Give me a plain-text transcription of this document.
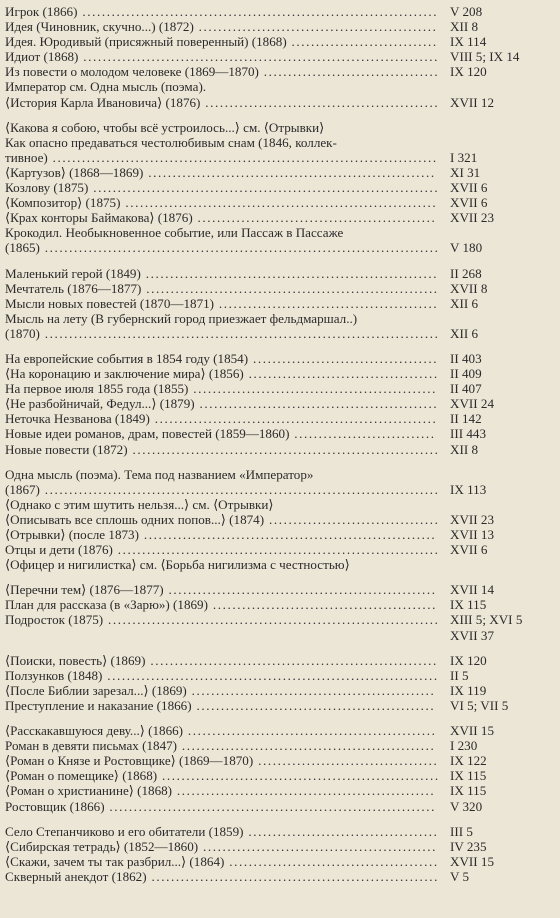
Игрок (1866) ......................................................................... V 208
Идея (Чиновник, скучно...) (1872) ................................................. XII 8
Идея. Юродивый (присяжный поверенный) (1868) .............................. IX 114
Идиот (1868) ......................................................................... VIII 5; IX 14
Из повести о молодом человеке (1869—1870) .................................... IX 120
Император см. Одна мысль (поэма).
⟨История Карла Ивановича⟩ (1876) ................................................ XVII 12
⟨Какова я собою, чтобы всё устроилось...⟩ см. ⟨Отрывки⟩
Как опасно предаваться честолюбивым снам (1846, коллек-
тивное) ............................................................................... I 321
⟨Картузов⟩ (1868—1869) ........................................................... XI 31
Козлову (1875) ....................................................................... XVII 6
⟨Композитор⟩ (1875) ................................................................ XVII 6
⟨Крах конторы Баймакова⟩ (1876) ................................................. XVII 23
Крокодил. Необыкновенное событие, или Пассаж в Пассаже
(1865) ................................................................................. V 180
Маленький герой (1849) ............................................................ II 268
Мечтатель (1876—1877) ............................................................ XVII 8
Мысли новых повестей (1870—1871) ............................................. XII 6
Мысль на лету (В губернский город приезжает фельдмаршал..)
(1870) ................................................................................. XII 6
На европейские события в 1854 году (1854) ...................................... II 403
⟨На коронацию и заключение мира⟩ (1856) ....................................... II 409
На первое июля 1855 года (1855) .................................................. II 407
⟨Не разбойничай, Федул...⟩ (1879) ................................................. XVII 24
Неточка Незванова (1849) .......................................................... II 142
Новые идеи романов, драм, повестей (1859—1860) ............................. III 443
Новые повести (1872) ............................................................... XII 8
Одна мысль (поэма). Тема под названием «Император»
(1867) ................................................................................. IX 113
⟨Однако с этим шутить нельзя...⟩ см. ⟨Отрывки⟩
⟨Описывать все сплошь одних попов...⟩ (1874) ................................... XVII 23
⟨Отрывки⟩ (после 1873) ............................................................ XVII 13
Отцы и дети (1876) .................................................................. XVII 6
⟨Офицер и нигилистка⟩ см. ⟨Борьба нигилизма с честностью⟩
⟨Перечни тем⟩ (1876—1877) ....................................................... XVII 14
План для рассказа (в «Зарю») (1869) .............................................. IX 115
Подросток (1875) .................................................................... XIII 5; XVI 5
XVII 37
⟨Поиски, повесть⟩ (1869) ........................................................... IX 120
Ползунков (1848) .................................................................... II 5
⟨После Библии зарезал...⟩ (1869) .................................................. IX 119
Преступление и наказание (1866) ................................................. VI 5; VII 5
⟨Расскакавшуюся деву...⟩ (1866) ................................................... XVII 15
Роман в девяти письмах (1847) .................................................... I 230
⟨Роман о Князе и Ростовщике⟩ (1869—1870) ..................................... IX 122
⟨Роман о помещике⟩ (1868) ......................................................... IX 115
⟨Роман о христианине⟩ (1868) ..................................................... IX 115
Ростовщик (1866) ................................................................... V 320
Село Степанчиково и его обитатели (1859) ....................................... III 5
⟨Сибирская тетрадь⟩ (1852—1860) ................................................ IV 235
⟨Скажи, зачем ты так разбрил...⟩ (1864) ........................................... XVII 15
Скверный анекдот (1862) ........................................................... V 5
